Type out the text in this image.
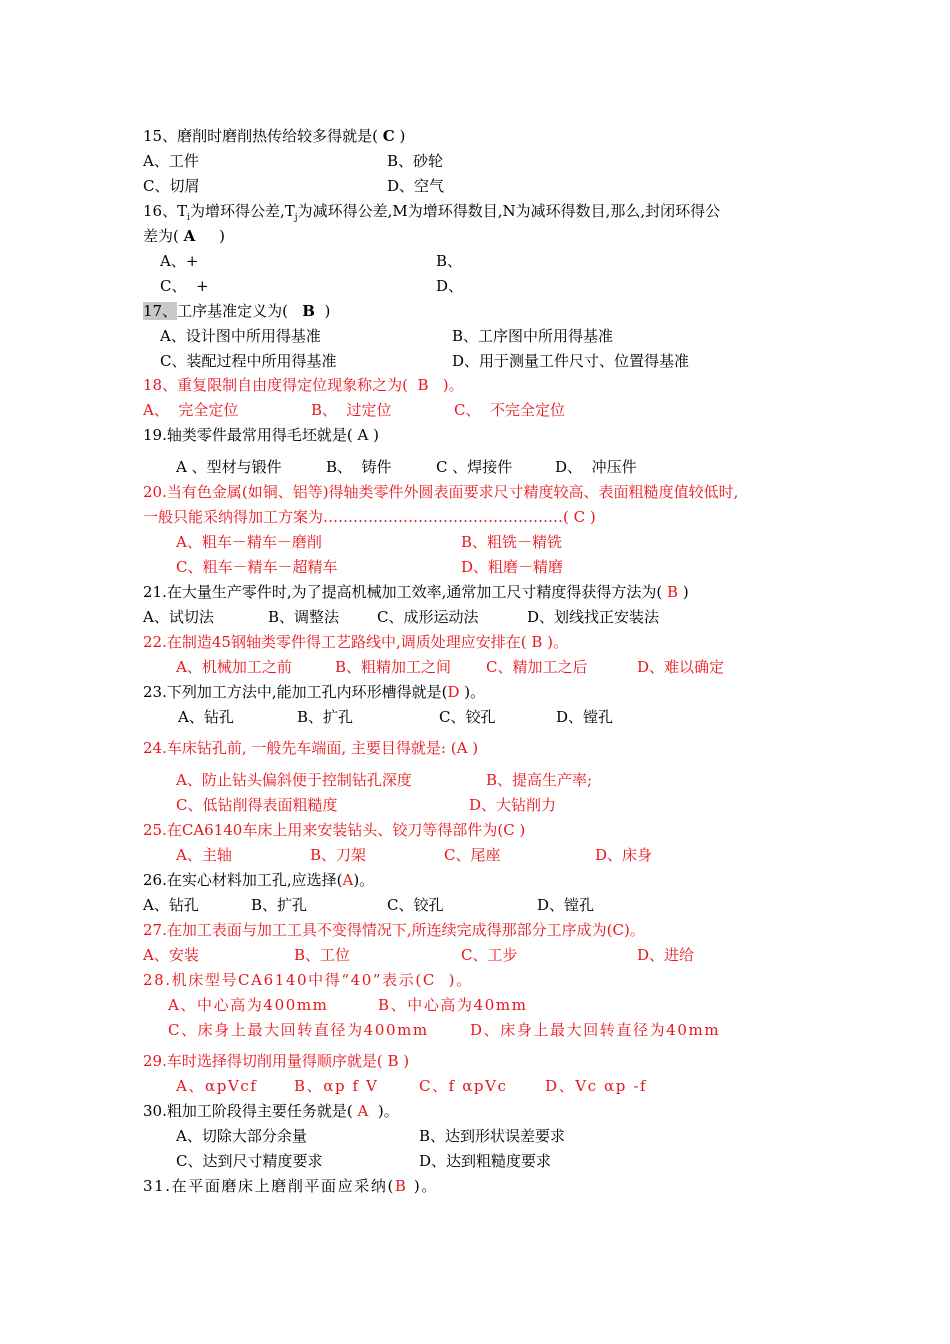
15、磨削时磨削热传给较多得就是( C )
A、工件	B、砂轮
C、切屑	D、空气
16、$T_i$为增环得公差$,T_j$为减环得公差,M为增环得数目,N为减环得数目,那么,封闭环得公
差为( A     )
A、+	B、
C、  +	D、
17、工序基准定义为(   B  )
A、设计图中所用得基准	B、工序图中所用得基准
C、装配过程中所用得基准	D、用于测量工件尺寸、位置得基准
18、重复限制自由度得定位现象称之为(  B   )。
A、  完全定位	B、  过定位	C、  不完全定位
19.轴类零件最常用得毛坯就是( A )
A 、型材与锻件	B、  铸件	C 、焊接件	D、  冲压件
20.当有色金属(如铜、铝等)得轴类零件外圆表面要求尺寸精度较高、表面粗糙度值较低时,
一般只能采纳得加工方案为…………………………………………( C )
A、粗车－精车－磨削	B、粗铣－精铣
C、粗车－精车－超精车	D、粗磨－精磨
21.在大量生产零件时,为了提高机械加工效率,通常加工尺寸精度得获得方法为( B )
A、试切法	B、调整法	C、成形运动法	D、划线找正安装法
22.在制造45钢轴类零件得工艺路线中,调质处理应安排在( B )。
A、机械加工之前	B、粗精加工之间 C、精加工之后	D、难以确定
23.下列加工方法中,能加工孔内环形槽得就是(D )。
A、钻孔	B、扩孔	C、铰孔	D、镗孔
24.车床钻孔前, 一般先车端面, 主要目得就是: (A )
A、防止钻头偏斜便于控制钻孔深度	B、提高生产率;
C、低钻削得表面粗糙度	D、大钻削力
25.在CA6140车床上用来安装钻头、铰刀等得部件为(C )
A、主轴	B、刀架	C、尾座	D、床身
26.在实心材料加工孔,应选择(A)。
A、钻孔	B、扩孔	C、铰孔	D、镗孔
27.在加工表面与加工工具不变得情况下,所连续完成得那部分工序成为(C)。
A、安装	B、工位	C、工步	D、进给
28.机床型号CA6140中得“40”表示(C  )。
A、中心高为400mm	B、中心高为40mm
C、床身上最大回转直径为400mm	D、床身上最大回转直径为40mm
29.车时选择得切削用量得顺序就是( B )
A、αpVcf B、αp f V	C、f αpVc D、Vc αp -f
30.粗加工阶段得主要任务就是( A  )。
A、切除大部分余量	B、达到形状误差要求
C、达到尺寸精度要求	D、达到粗糙度要求
31.在平面磨床上磨削平面应采纳(B )。
